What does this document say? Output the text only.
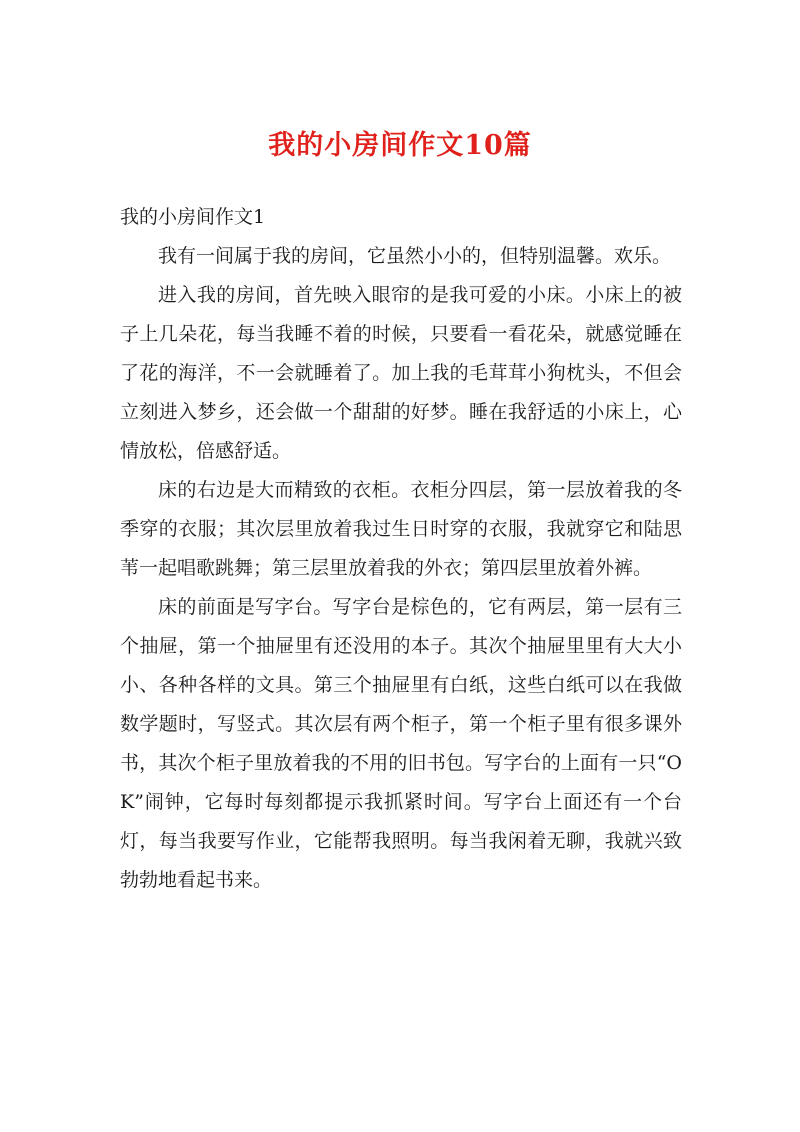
我的小房间作文10篇

我的小房间作文1

我有一间属于我的房间，它虽然小小的，但特别温馨。欢乐。

进入我的房间，首先映入眼帘的是我可爱的小床。小床上的被子上几朵花，每当我睡不着的时候，只要看一看花朵，就感觉睡在了花的海洋，不一会就睡着了。加上我的毛茸茸小狗枕头，不但会立刻进入梦乡，还会做一个甜甜的好梦。睡在我舒适的小床上，心情放松，倍感舒适。

床的右边是大而精致的衣柜。衣柜分四层，第一层放着我的冬季穿的衣服；其次层里放着我过生日时穿的衣服，我就穿它和陆思苇一起唱歌跳舞；第三层里放着我的外衣；第四层里放着外裤。

床的前面是写字台。写字台是棕色的，它有两层，第一层有三个抽屉，第一个抽屉里有还没用的本子。其次个抽屉里里有大大小小、各种各样的文具。第三个抽屉里有白纸，这些白纸可以在我做数学题时，写竖式。其次层有两个柜子，第一个柜子里有很多课外书，其次个柜子里放着我的不用的旧书包。写字台的上面有一只“OK”闹钟，它每时每刻都提示我抓紧时间。写字台上面还有一个台灯，每当我要写作业，它能帮我照明。每当我闲着无聊，我就兴致勃勃地看起书来。
